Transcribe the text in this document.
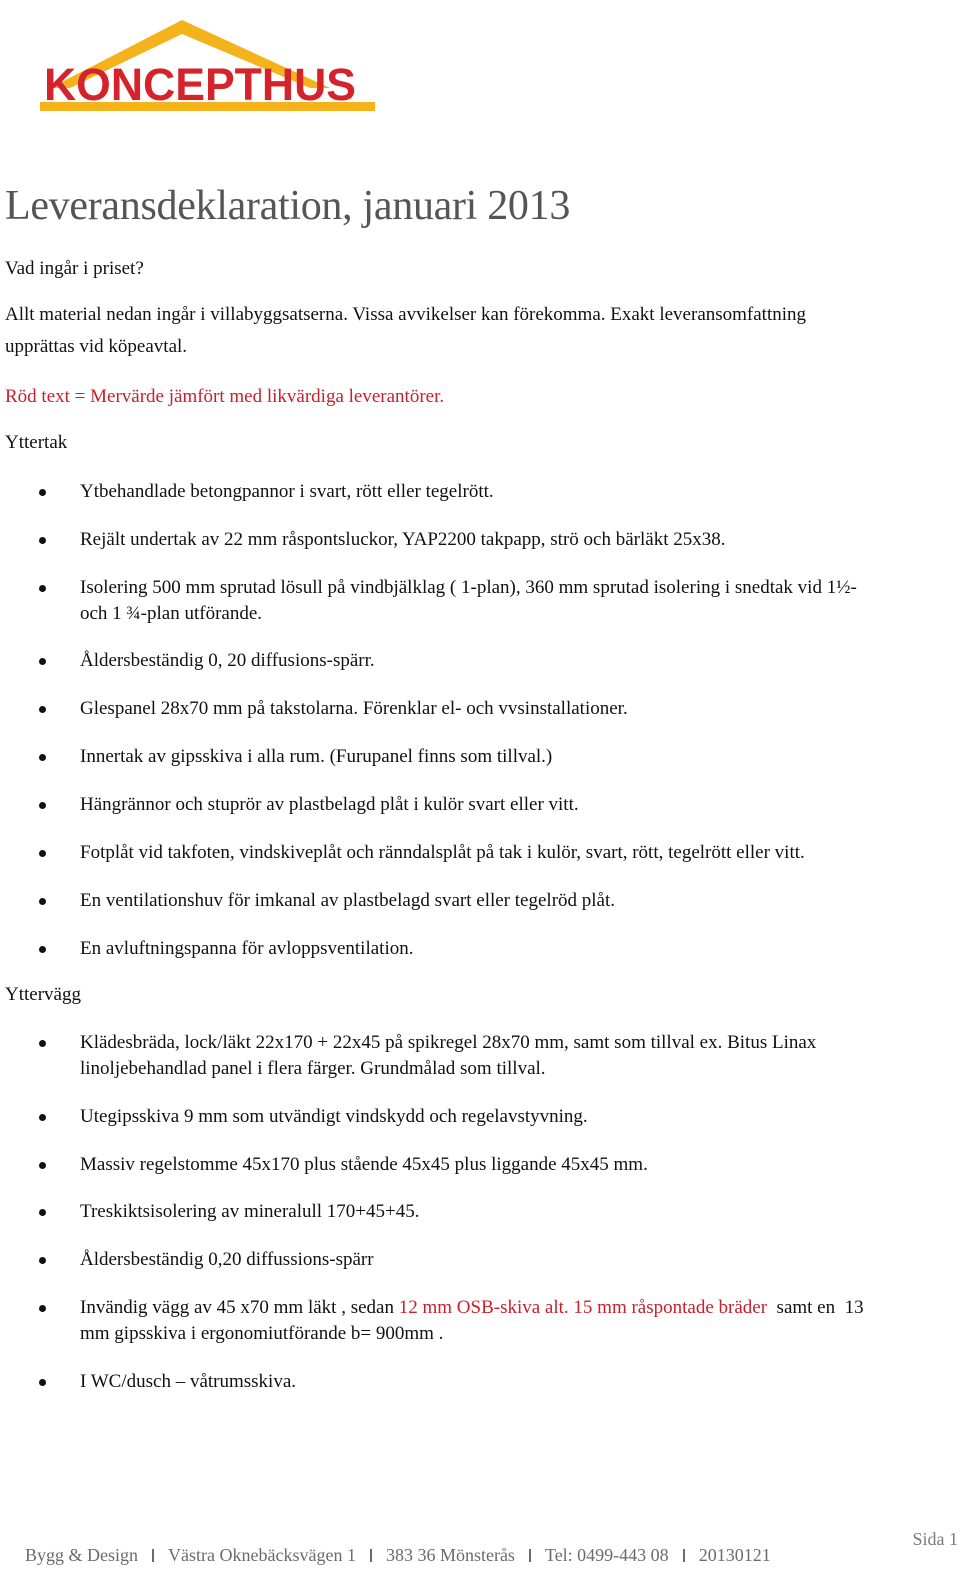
KONCEPTHUS
Leveransdeklaration, januari 2013

Vad ingår i priset?

Allt material nedan ingår i villabyggsatserna. Vissa avvikelser kan förekomma. Exakt leveransomfattning

upprättas vid köpeavtal.

Röd text = Mervärde jämfört med likvärdiga leverantörer.

Yttertak

Ytbehandlade betongpannor i svart, rött eller tegelrött.
Rejält undertak av 22 mm råspontsluckor, YAP2200 takpapp, strö och bärläkt 25x38.
Isolering 500 mm sprutad lösull på vindbjälklag ( 1-plan), 360 mm sprutad isolering i snedtak vid 1½-
och 1 ¾-plan utförande.
Åldersbeständig 0, 20 diffusions-spärr.
Glespanel 28x70 mm på takstolarna. Förenklar el- och vvsinstallationer.
Innertak av gipsskiva i alla rum. (Furupanel finns som tillval.)
Hängrännor och stuprör av plastbelagd plåt i kulör svart eller vitt.
Fotplåt vid takfoten, vindskiveplåt och ränndalsplåt på tak i kulör, svart, rött, tegelrött eller vitt.
En ventilationshuv för imkanal av plastbelagd svart eller tegelröd plåt.
En avluftningspanna för avloppsventilation.

Yttervägg

Klädesbräda, lock/läkt 22x170 + 22x45 på spikregel 28x70 mm, samt som tillval ex. Bitus Linax
linoljebehandlad panel i flera färger. Grundmålad som tillval.
Utegipsskiva 9 mm som utvändigt vindskydd och regelavstyvning.
Massiv regelstomme 45x170 plus stående 45x45 plus liggande 45x45 mm.
Treskiktsisolering av mineralull 170+45+45.
Åldersbeständig 0,20 diffussions-spärr
Invändig vägg av 45 x70 mm läkt , sedan 12 mm OSB-skiva alt. 15 mm råspontade bräder  samt en  13
mm gipsskiva i ergonomiutförande b= 900mm .
I WC/dusch – våtrumsskiva.
Sida 1
Bygg & Design Västra Oknebäcksvägen 1 383 36 Mönsterås Tel: 0499-443 08 20130121
